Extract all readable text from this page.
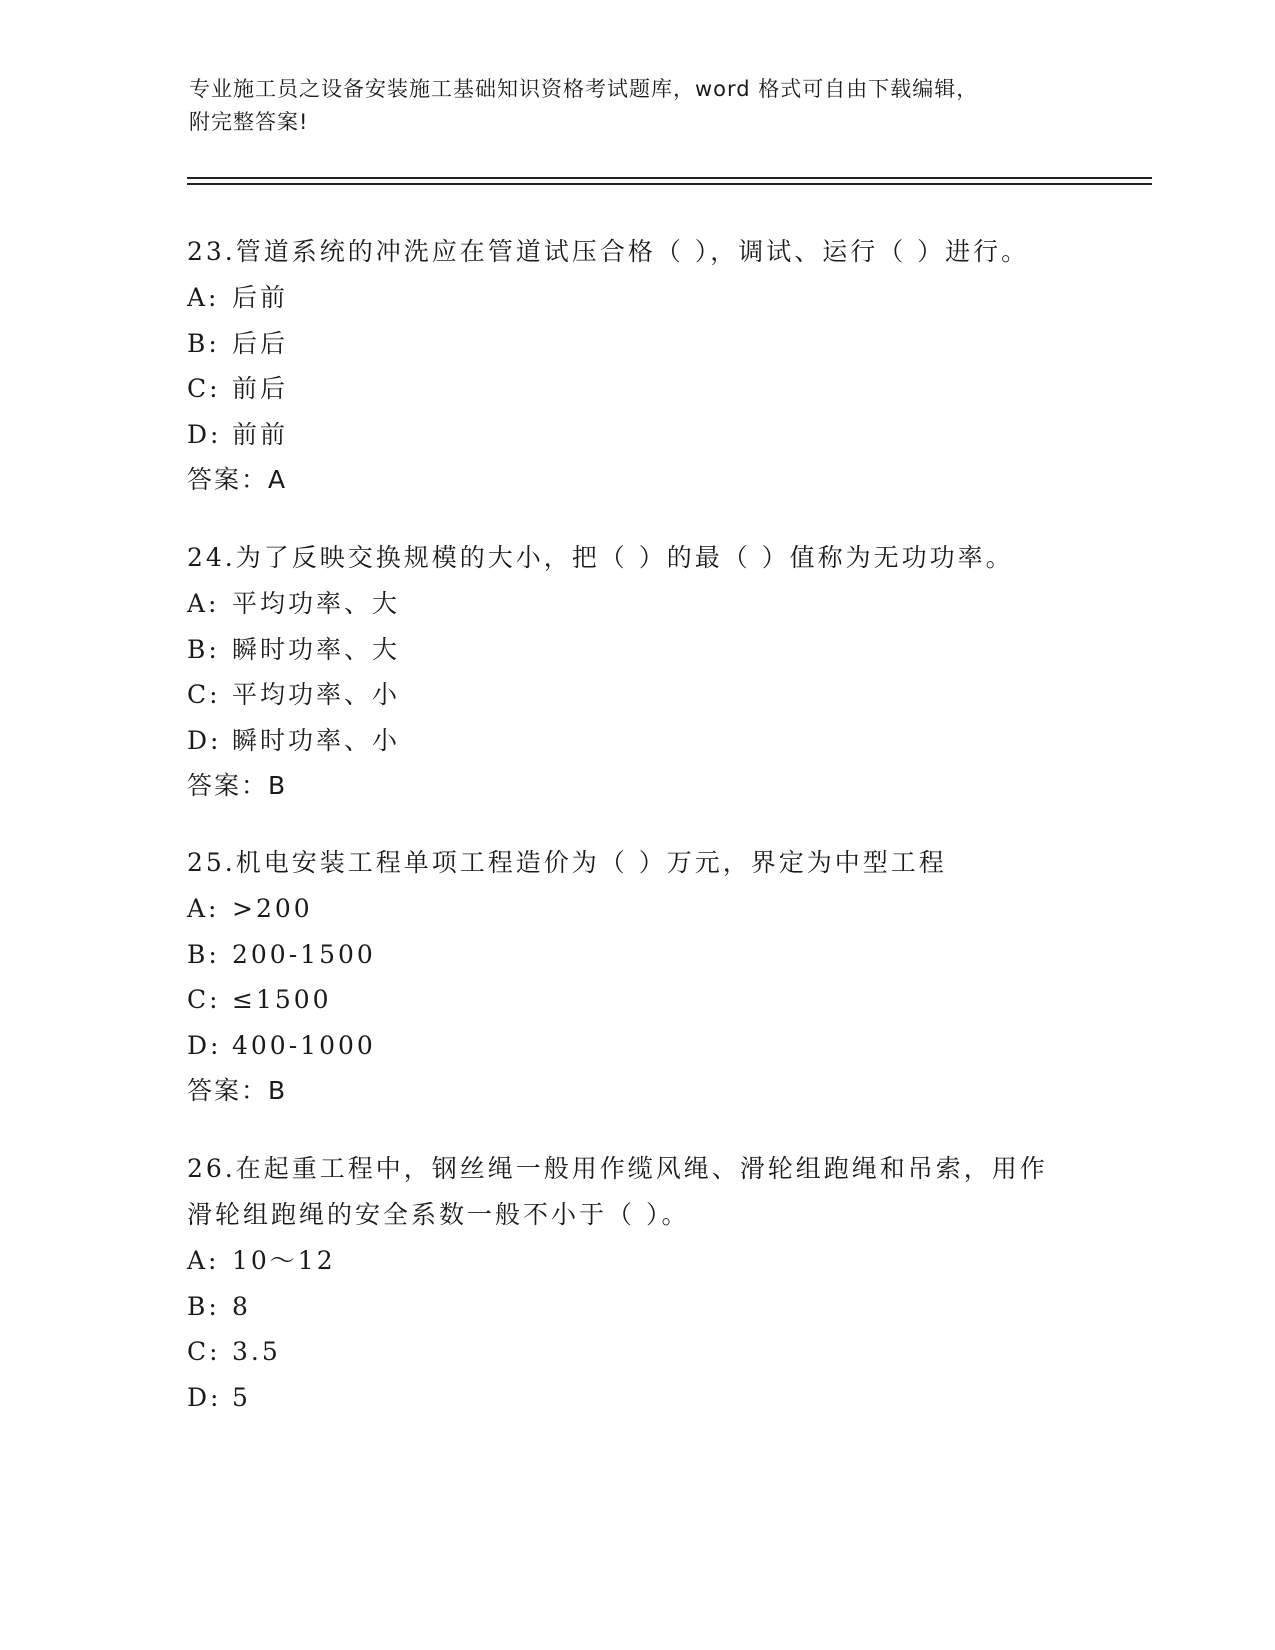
专业施工员之设备安装施工基础知识资格考试题库，word 格式可自由下载编辑，
附完整答案!
23.管道系统的冲洗应在管道试压合格（ ），调试、运行（ ）进行。
A: 后前
B: 后后
C: 前后
D: 前前
答案：A
24.为了反映交换规模的大小，把（ ）的最（ ）值称为无功功率。
A: 平均功率、大
B: 瞬时功率、大
C: 平均功率、小
D: 瞬时功率、小
答案：B
25.机电安装工程单项工程造价为（ ）万元，界定为中型工程
A: >200
B: 200-1500
C: ≤1500
D: 400-1000
答案：B
26.在起重工程中，钢丝绳一般用作缆风绳、滑轮组跑绳和吊索，用作
滑轮组跑绳的安全系数一般不小于（ ）。
A: 10～12
B: 8
C: 3.5
D: 5
